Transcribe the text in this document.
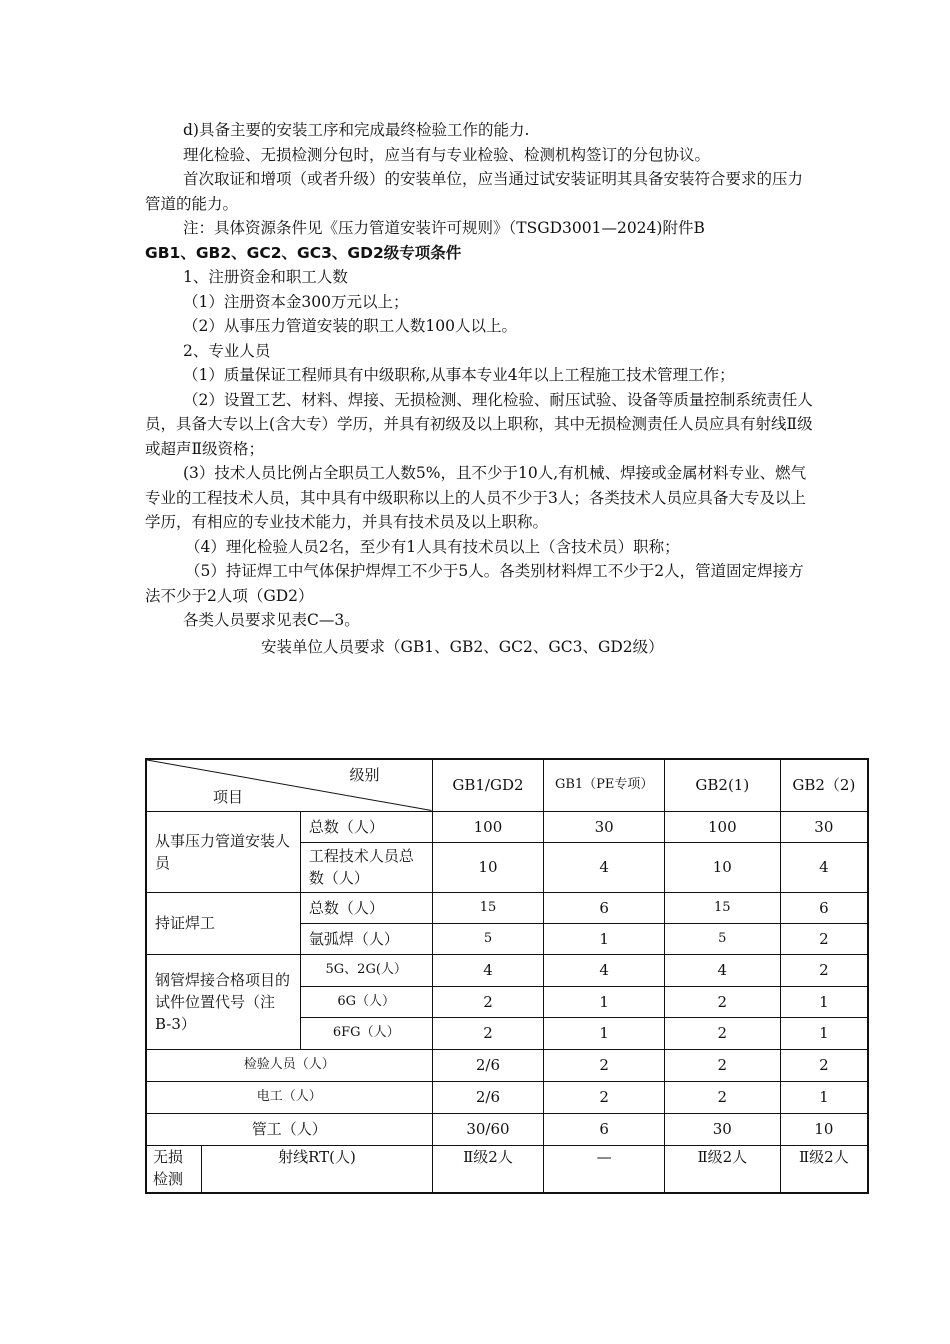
d)具备主要的安装工序和完成最终检验工作的能力.

理化检验、无损检测分包时，应当有与专业检验、检测机构签订的分包协议。

首次取证和增项（或者升级）的安装单位，应当通过试安装证明其具备安装符合要求的压力管道的能力。

注：具体资源条件见《压力管道安装许可规则》（TSGD3001—2024)附件B

GB1、GB2、GC2、GC3、GD2级专项条件

1、注册资金和职工人数

（1）注册资本金300万元以上；

（2）从事压力管道安装的职工人数100人以上。

2、专业人员

（1）质量保证工程师具有中级职称,从事本专业4年以上工程施工技术管理工作；

（2）设置工艺、材料、焊接、无损检测、理化检验、耐压试验、设备等质量控制系统责任人员，具备大专以上(含大专）学历，并具有初级及以上职称，其中无损检测责任人员应具有射线Ⅱ级或超声Ⅱ级资格；

(3）技术人员比例占全职员工人数5%，且不少于10人,有机械、焊接或金属材料专业、燃气专业的工程技术人员，其中具有中级职称以上的人员不少于3人；各类技术人员应具备大专及以上学历，有相应的专业技术能力，并具有技术员及以上职称。

（4）理化检验人员2名，至少有1人具有技术员以上（含技术员）职称；

（5）持证焊工中气体保护焊焊工不少于5人。各类别材料焊工不少于2人，管道固定焊接方法不少于2人项（GD2）

各类人员要求见表C—3。

安装单位人员要求（GB1、GB2、GC2、GC3、GD2级）

级别
项目			GB1/GD2	GB1（PE专项）	GB2(1)	GB2（2)
从事压力管道安装人员		总数（人）	100	30	100	30
		工程技术人员总数（人）	10	4	10	4
持证焊工		总数（人）	15	6	15	6
		氩弧焊（人）	5	1	5	2
钢管焊接合格项目的试件位置代号（注 B-3）		5G、2G(人）	4	4	4	2
		6G（人）	2	1	2	1
		6FG（人）	2	1	2	1
检验人员（人）			2/6	2	2	2
电工（人）			2/6	2	2	1
管工（人）			30/60	6	30	10
无损检测	射线RT(人)		Ⅱ级2人	—	Ⅱ级2人	Ⅱ级2人
